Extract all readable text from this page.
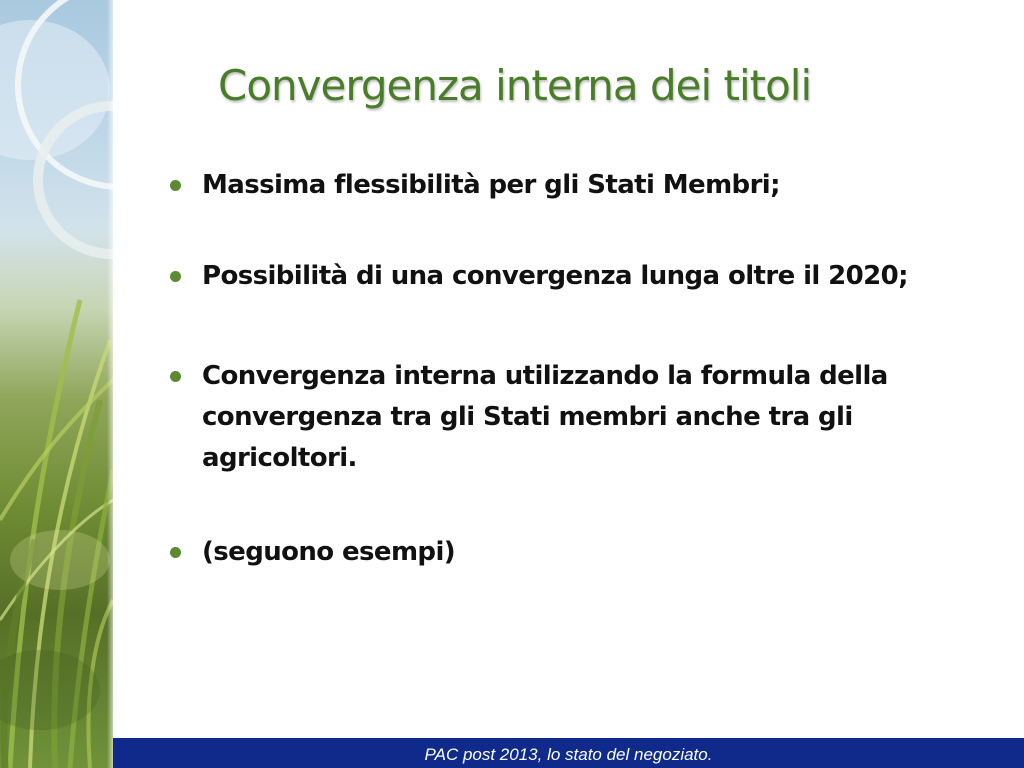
Convergenza interna dei titoli
Massima flessibilità per gli Stati Membri;
Possibilità di una convergenza lunga oltre il 2020;
Convergenza interna utilizzando la formula della convergenza tra gli Stati membri anche tra gli agricoltori.
(seguono esempi)
PAC post 2013, lo stato del negoziato.
